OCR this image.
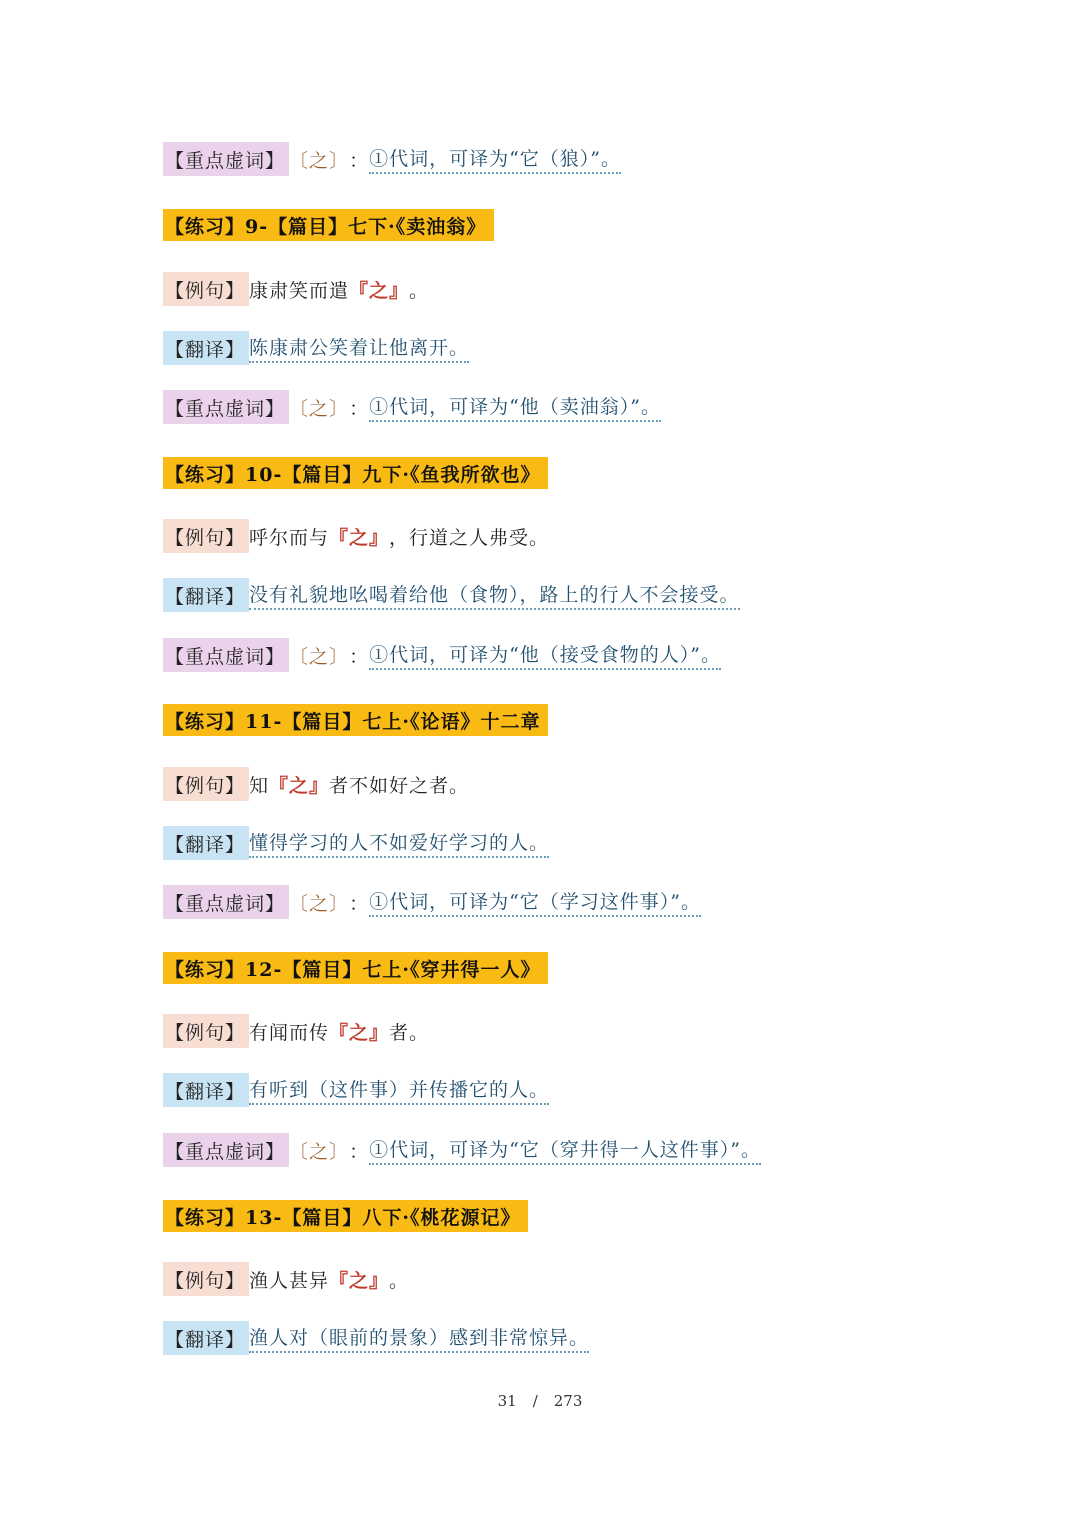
【重点虚词】 〔 之 〕 ： ①代词，可译为“它（狼）”。
【练习】9-【篇目】七下·《卖油翁》
【例句】 康肃笑而遣 『之』 。
【翻译】 陈康肃公笑着让他离开。
【重点虚词】 〔 之 〕 ： ①代词，可译为“他（卖油翁）”。
【练习】10-【篇目】九下·《鱼我所欲也》
【例句】 呼尔而与 『之』 ，行道之人弗受。
【翻译】 没有礼貌地吆喝着给他（食物），路上的行人不会接受。
【重点虚词】 〔 之 〕 ： ①代词，可译为“他（接受食物的人）”。
【练习】11-【篇目】七上·《论语》十二章
【例句】 知 『之』 者不如好之者。
【翻译】 懂得学习的人不如爱好学习的人。
【重点虚词】 〔 之 〕 ： ①代词，可译为“它（学习这件事）”。
【练习】12-【篇目】七上·《穿井得一人》
【例句】 有闻而传 『之』 者。
【翻译】 有听到（这件事）并传播它的人。
【重点虚词】 〔 之 〕 ： ①代词，可译为“它（穿井得一人这件事）”。
【练习】13-【篇目】八下·《桃花源记》
【例句】 渔人甚异 『之』 。
【翻译】 渔人对（眼前的景象）感到非常惊异。
31 / 273
